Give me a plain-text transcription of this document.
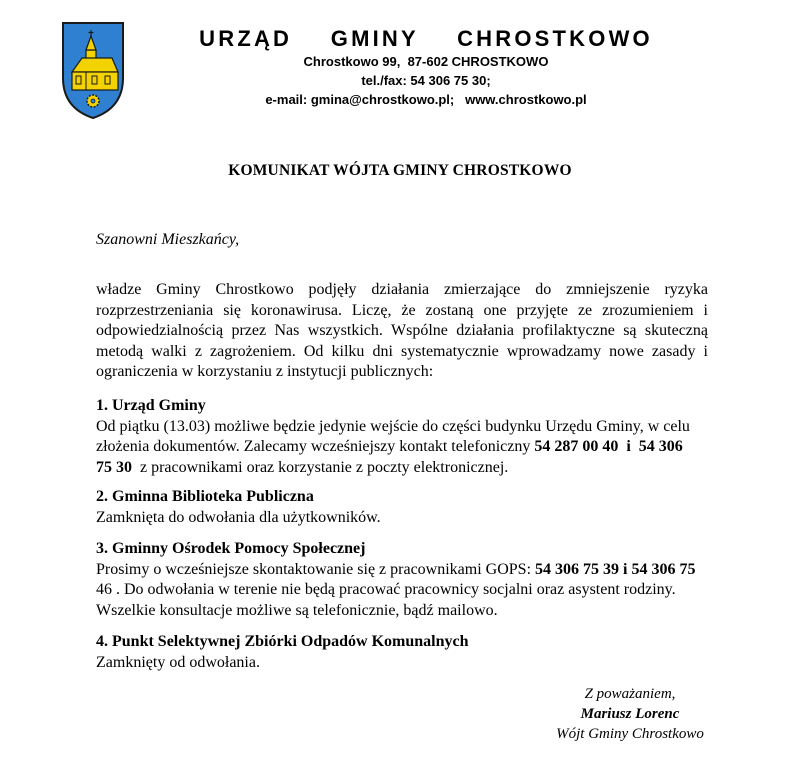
URZĄD  GMINY  CHROSTKOWO
Chrostkowo 99,  87-602 CHROSTKOWO
tel./fax: 54 306 75 30;
e-mail: gmina@chrostkowo.pl;   www.chrostkowo.pl
KOMUNIKAT WÓJTA GMINY CHROSTKOWO
Szanowni Mieszkańcy,
władze Gminy Chrostkowo podjęły działania zmierzające do zmniejszenie ryzyka rozprzestrzeniania się koronawirusa. Liczę, że zostaną one przyjęte ze zrozumieniem i odpowiedzialnością przez Nas wszystkich. Wspólne działania profilaktyczne są skuteczną metodą walki z zagrożeniem. Od kilku dni systematycznie wprowadzamy nowe zasady i ograniczenia w korzystaniu z instytucji publicznych:
1. Urząd Gminy
Od piątku (13.03) możliwe będzie jedynie wejście do części budynku Urzędu Gminy, w celu złożenia dokumentów. Zalecamy wcześniejszy kontakt telefoniczny 54 287 00 40 i 54 306
75 30 z pracownikami oraz korzystanie z poczty elektronicznej.
2. Gminna Biblioteka Publiczna
Zamknięta do odwołania dla użytkowników.
3. Gminny Ośrodek Pomocy Społecznej
Prosimy o wcześniejsze skontaktowanie się z pracownikami GOPS: 54 306 75 39 i 54 306 75
46 . Do odwołania w terenie nie będą pracować pracownicy socjalni oraz asystent rodziny. Wszelkie konsultacje możliwe są telefonicznie, bądź mailowo.
4. Punkt Selektywnej Zbiórki Odpadów Komunalnych
Zamknięty od odwołania.
Z poważaniem,
Mariusz Lorenc
Wójt Gminy Chrostkowo
